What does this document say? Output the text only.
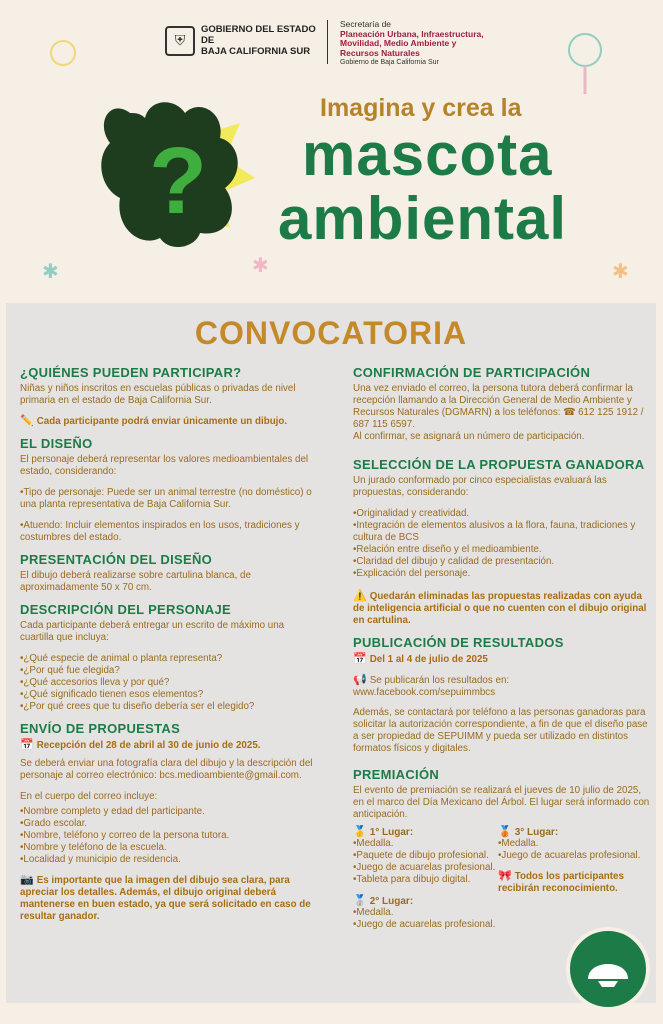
⛨
GOBIERNO DEL ESTADO DE
BAJA CALIFORNIA SUR
Secretaría de
Planeación Urbana, Infraestructura,
Movilidad, Medio Ambiente y
Recursos Naturales
Gobierno de Baja California Sur
?
Imagina y crea la
mascota
ambiental
✱	✱	✱
CONVOCATORIA
¿QUIÉNES PUEDEN PARTICIPAR?

Niñas y niños inscritos en escuelas públicas o privadas de nivel primaria en el estado de Baja California Sur.

✏️ Cada participante podrá enviar únicamente un dibujo.

EL DISEÑO

El personaje deberá representar los valores medioambientales del estado, considerando:

•Tipo de personaje: Puede ser un animal terrestre (no doméstico) o una planta representativa de Baja California Sur.

•Atuendo: Incluir elementos inspirados en los usos, tradiciones y costumbres del estado.

PRESENTACIÓN DEL DISEÑO

El dibujo deberá realizarse sobre cartulina blanca, de aproximadamente 50 x 70 cm.

DESCRIPCIÓN DEL PERSONAJE

Cada participante deberá entregar un escrito de máximo una cuartilla que incluya:

•¿Qué especie de animal o planta representa?
•¿Por qué fue elegida?
•¿Qué accesorios lleva y por qué?
•¿Qué significado tienen esos elementos?
•¿Por qué crees que tu diseño debería ser el elegido?
ENVÍO DE PROPUESTAS

📅 Recepción del 28 de abril al 30 de junio de 2025.

Se deberá enviar una fotografía clara del dibujo y la descripción del personaje al correo electrónico: bcs.medioambiente@gmail.com.

En el cuerpo del correo incluye:

•Nombre completo y edad del participante.
•Grado escolar.
•Nombre, teléfono y correo de la persona tutora.
•Nombre y teléfono de la escuela.
•Localidad y municipio de residencia.

📷 Es importante que la imagen del dibujo sea clara, para apreciar los detalles. Además, el dibujo original deberá mantenerse en buen estado, ya que será solicitado en caso de resultar ganador.

CONFIRMACIÓN DE PARTICIPACIÓN

Una vez enviado el correo, la persona tutora deberá confirmar la recepción llamando a la Dirección General de Medio Ambiente y Recursos Naturales (DGMARN) a los teléfonos: ☎ 612 125 1912 / 687 115 6597.

Al confirmar, se asignará un número de participación.

SELECCIÓN DE LA PROPUESTA GANADORA

Un jurado conformado por cinco especialistas evaluará las propuestas, considerando:

•Originalidad y creatividad.
•Integración de elementos alusivos a la flora, fauna, tradiciones y cultura de BCS
•Relación entre diseño y el medioambiente.
•Claridad del dibujo y calidad de presentación.
•Explicación del personaje.

⚠️ Quedarán eliminadas las propuestas realizadas con ayuda de inteligencia artificial o que no cuenten con el dibujo original en cartulina.

PUBLICACIÓN DE RESULTADOS

📅 Del 1 al 4 de julio de 2025

📢 Se publicarán los resultados en: www.facebook.com/sepuimmbcs

Además, se contactará por teléfono a las personas ganadoras para solicitar la autorización correspondiente, a fin de que el diseño pase a ser propiedad de SEPUIMM y pueda ser utilizado en distintos formatos físicos y digitales.

PREMIACIÓN

El evento de premiación se realizará el jueves de 10 julio de 2025, en el marco del Día Mexicano del Árbol. El lugar será informado con anticipación.

🥇 1° Lugar:
•Medalla.
•Paquete de dibujo profesional.
•Juego de acuarelas profesional.
•Tableta para dibujo digital.
🥈 2° Lugar:
•Medalla.
•Juego de acuarelas profesional.
🥉 3° Lugar:
•Medalla.
•Juego de acuarelas profesional.

🎀 Todos los participantes recibirán reconocimiento.
